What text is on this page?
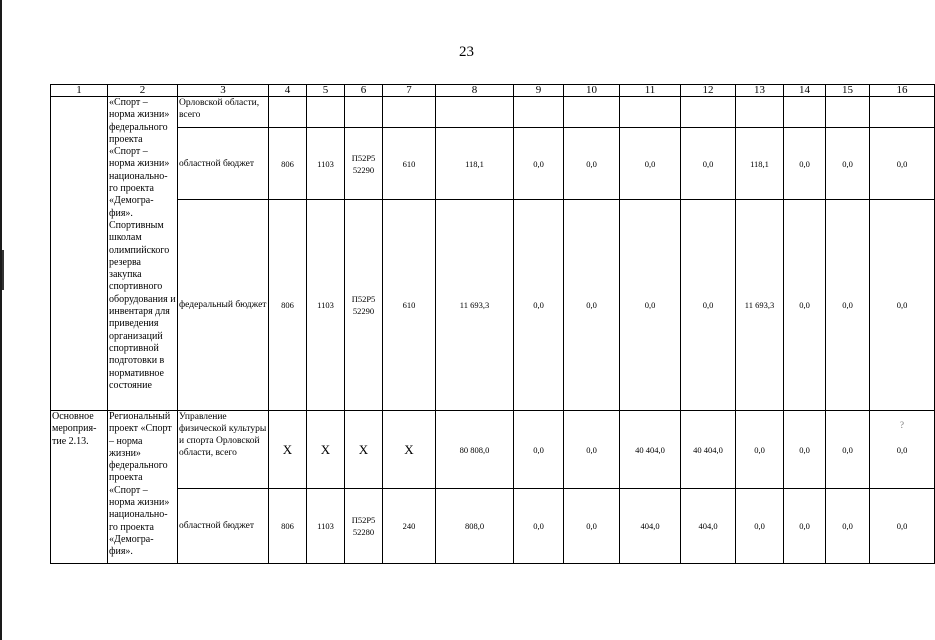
23
?
1	2	3	4	5	6	7	8	9	10	11	12	13	14	15	16
	«Спорт – норма жизни» федерального проекта «Спорт – норма жизни» национально-го проекта «Демогра-фия». Спортивным школам олимпийского резерва закупка спортивного оборудования и инвентаря для приведения организаций спортивной подготовки в нормативное состояние	Орловской области, всего													
		областной бюджет	806	1103	П52Р5 52290	610	118,1	0,0	0,0	0,0	0,0	118,1	0,0	0,0	0,0
		федеральный бюджет	806	1103	П52Р5 52290	610	11 693,3	0,0	0,0	0,0	0,0	11 693,3	0,0	0,0	0,0
Основное мероприя-тие 2.13.	Региональный проект «Спорт – норма жизни» федерального проекта «Спорт – норма жизни» национально-го проекта «Демогра-фия».	Управление физической культуры и спорта Орловской области, всего	Х	Х	Х	Х	80 808,0	0,0	0,0	40 404,0	40 404,0	0,0	0,0	0,0	0,0
		областной бюджет	806	1103	П52Р5 52280	240	808,0	0,0	0,0	404,0	404,0	0,0	0,0	0,0	0,0
